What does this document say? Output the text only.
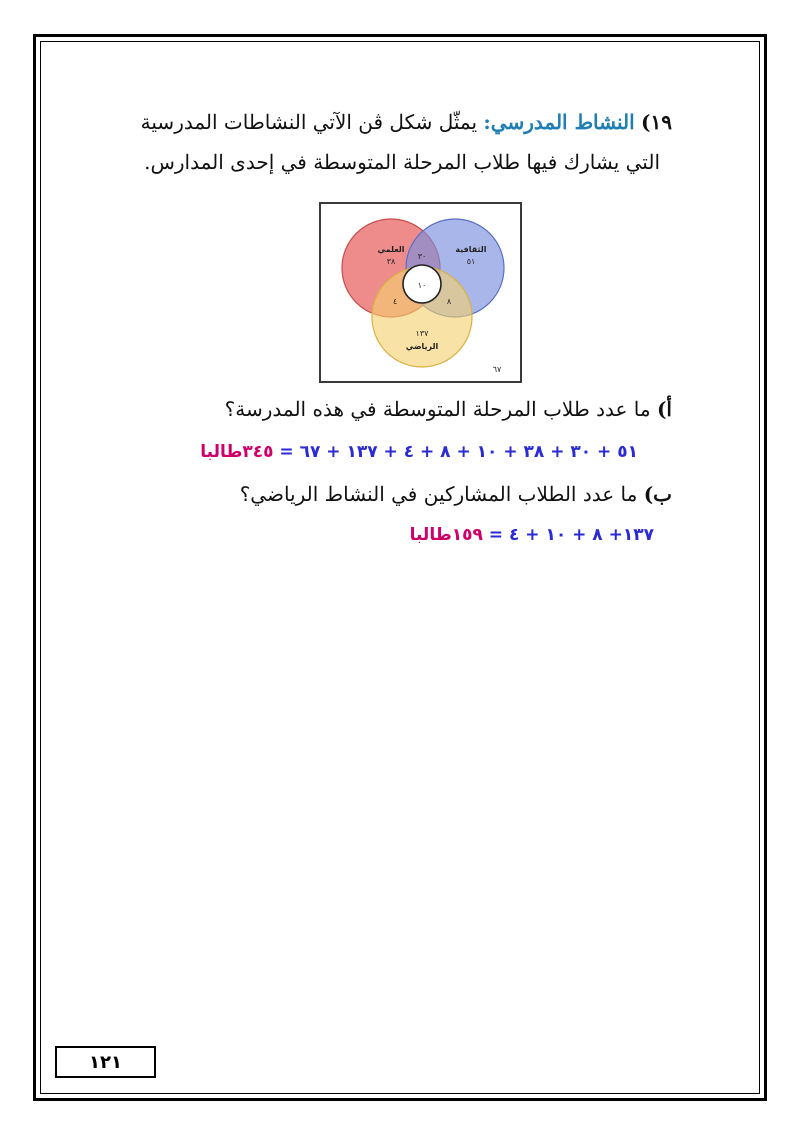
١٩) النشاط المدرسي: يمثّل شكل ڤن الآتي النشاطات المدرسية
التي يشارك فيها طلاب المرحلة المتوسطة في إحدى المدارس.
العلمي
٣٨
الثقافية
٥١
٣٠
١٠
٤	٨
١٣٧
الرياضي
٦٧
أ) ما عدد طلاب المرحلة المتوسطة في هذه المدرسة؟
٥١ + ٣٠ + ٣٨ + ١٠ + ٨ + ٤ + ١٣٧ + ٦٧ = ٣٤٥طالبا
ب) ما عدد الطلاب المشاركين في النشاط الرياضي؟
١٣٧+ ٨ + ١٠ + ٤ = ١٥٩طالبا
١٢١
